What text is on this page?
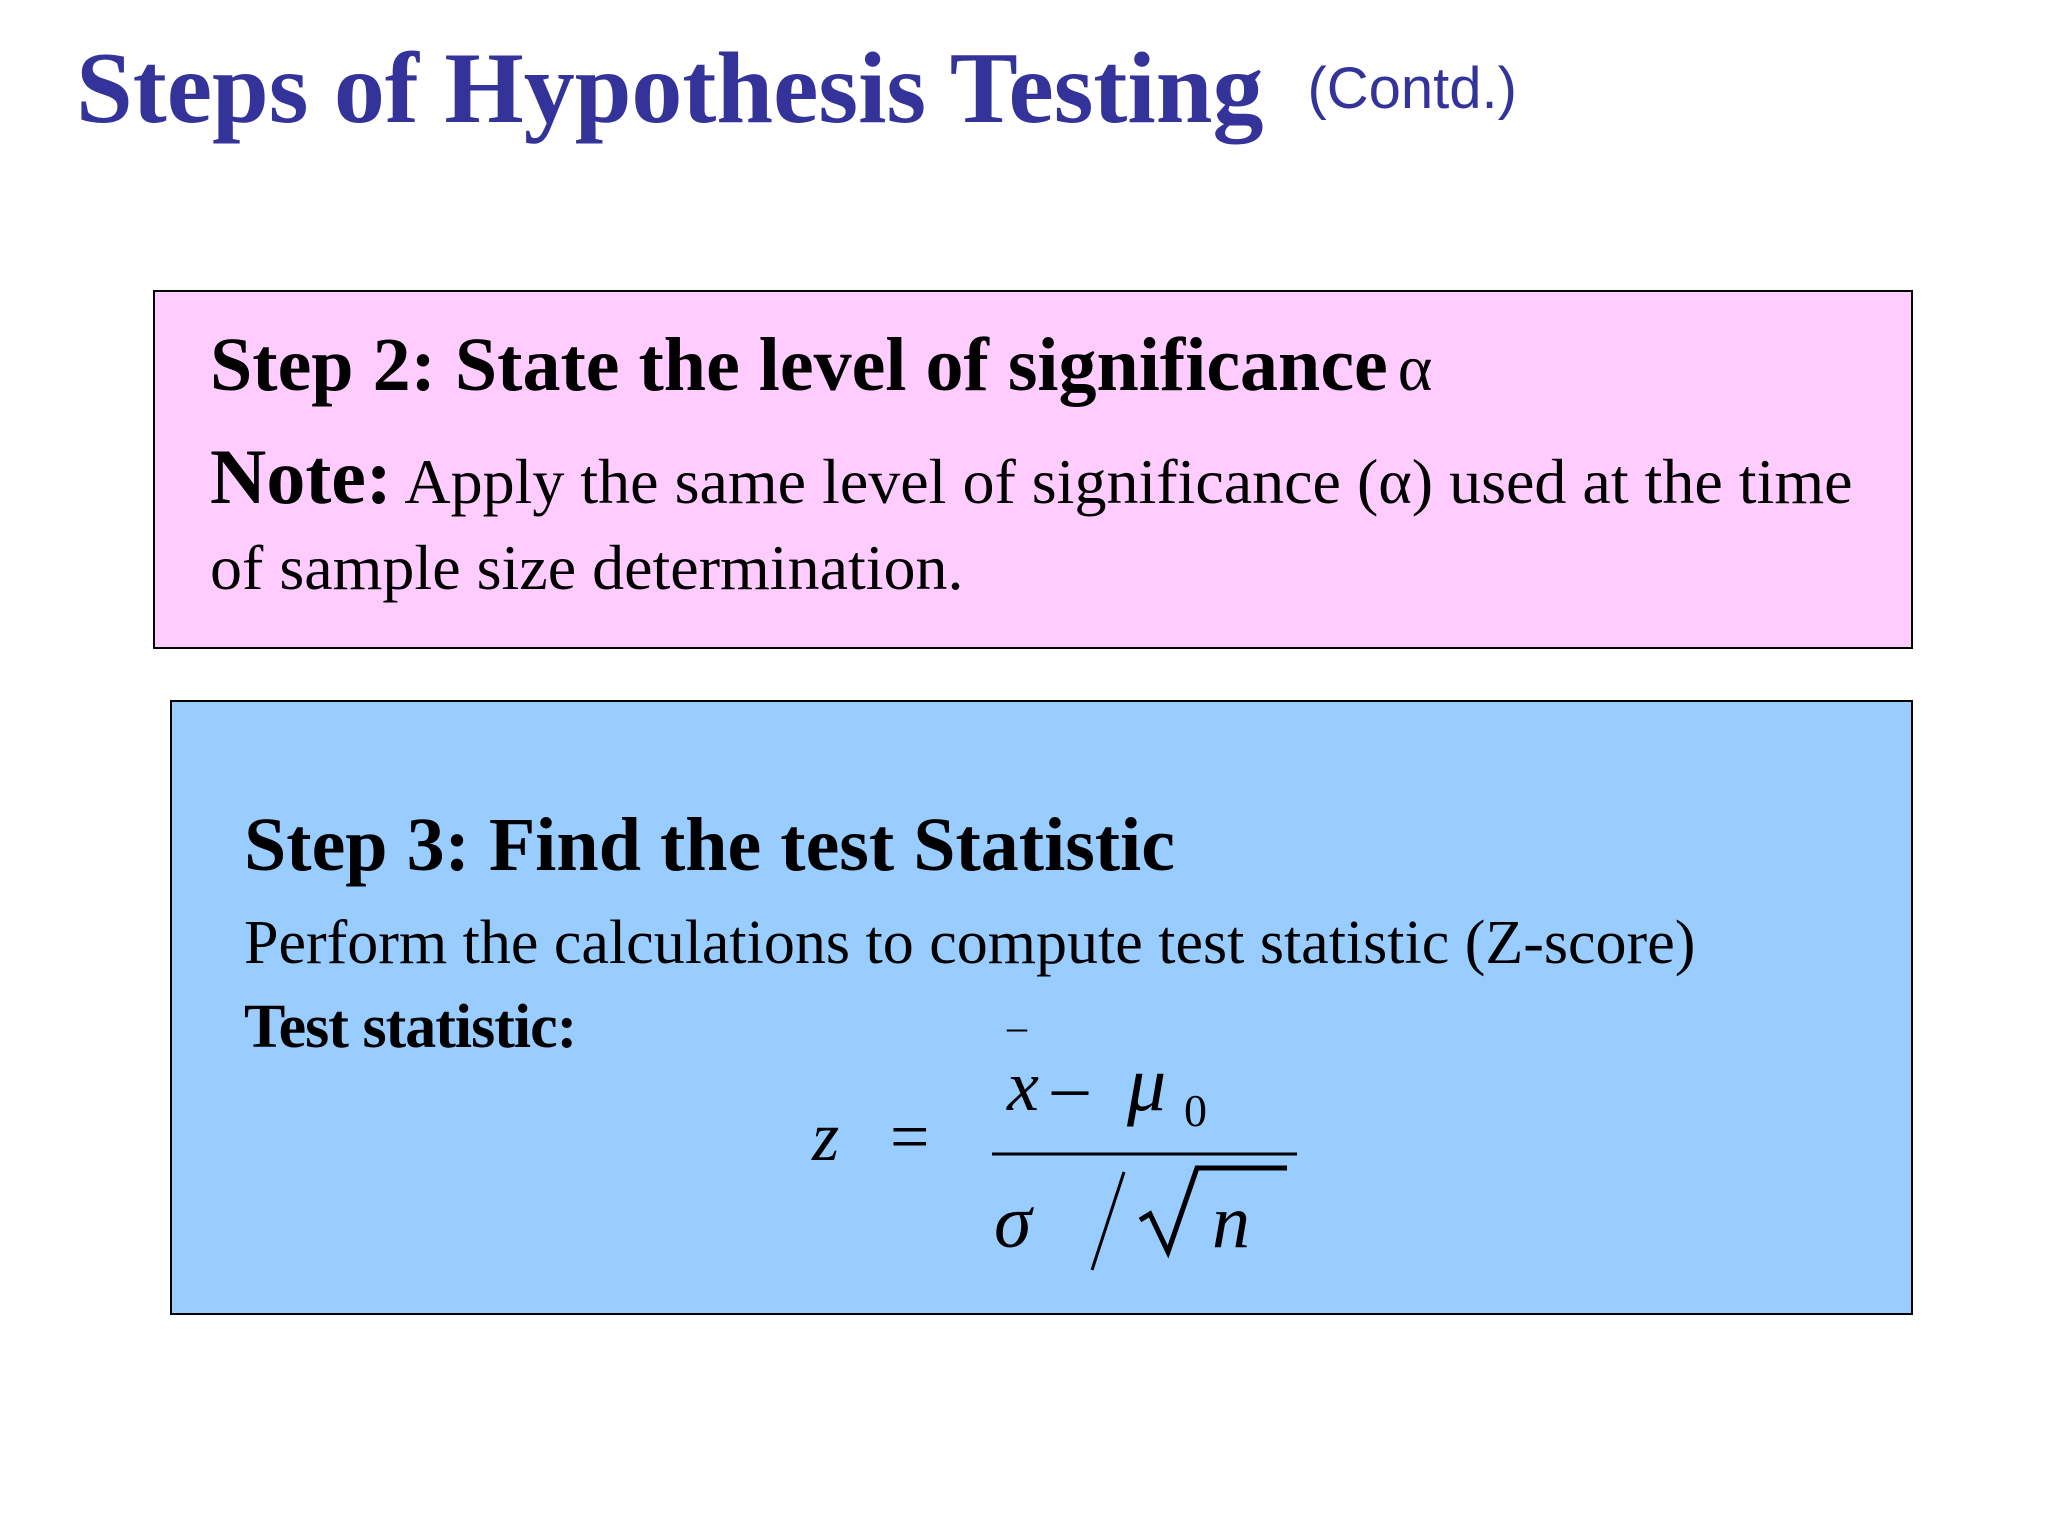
Steps of Hypothesis Testing (Contd.)
Step 2: State the level of significance α
Note: Apply the same level of significance (α) used at the time of sample size determination.
Step 3: Find the test Statistic
Perform the calculations to compute test statistic (Z-score)
Test statistic:
z =
–
x – μ 0
σ n
